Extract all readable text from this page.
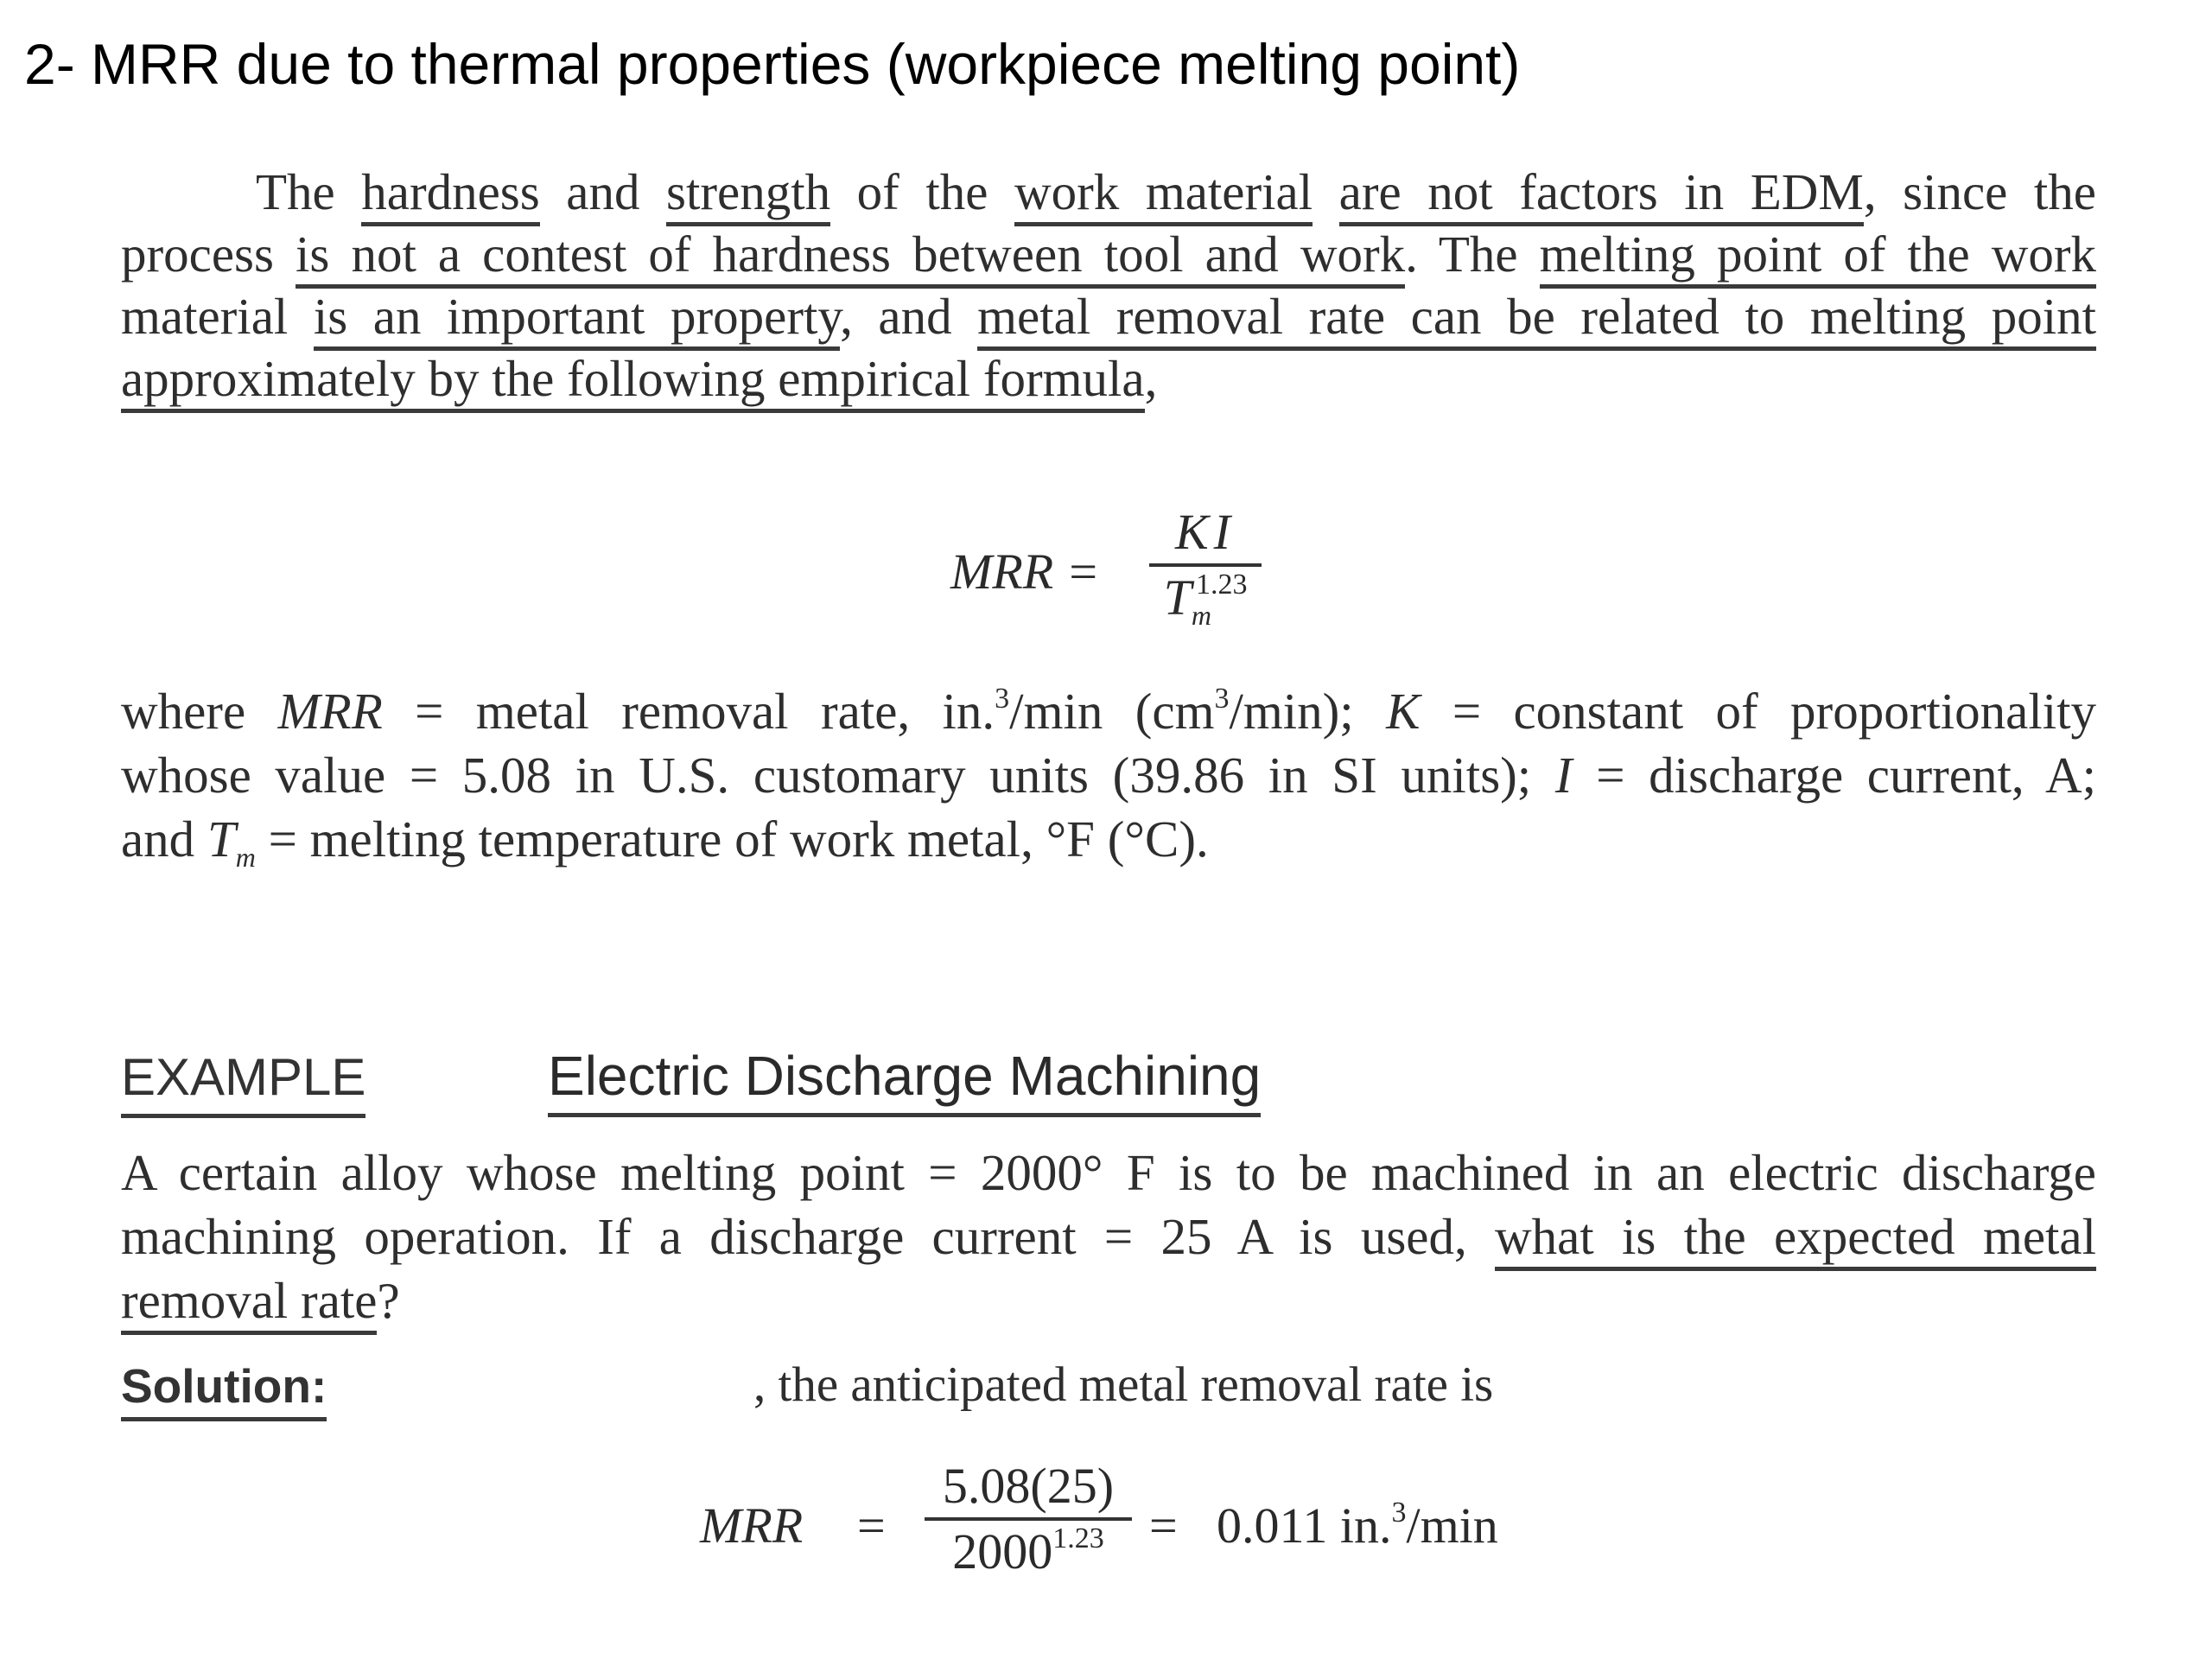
2- MRR due to thermal properties (workpiece melting point)
The hardness and strength of the work material are not factors in EDM, since the
process is not a contest of hardness between tool and work. The melting point of the work
material is an important property, and metal removal rate can be related to melting point
approximately by the following empirical formula,
MRR = $\frac{KI}{T_m^{1.23}}$
where MRR = metal removal rate, in.$^3$/min $(cm^3/\min)$; K = constant of proportionality
whose value = 5.08 in U.S. customary units (39.86 in SI units); I = discharge current, A;
and $T_m$ = melting temperature of work metal, °F (°C).
EXAMPLE	Electric Discharge Machining
A certain alloy whose melting point = 2000° F is to be machined in an electric discharge
machining operation. If a discharge current = 25 A is used, what is the expected metal
removal rate?
Solution:	, the anticipated metal removal rate is
MRR = $\frac{5.08(25)}{2000^{1.23}} = 0.011$ in.$^3$/min
